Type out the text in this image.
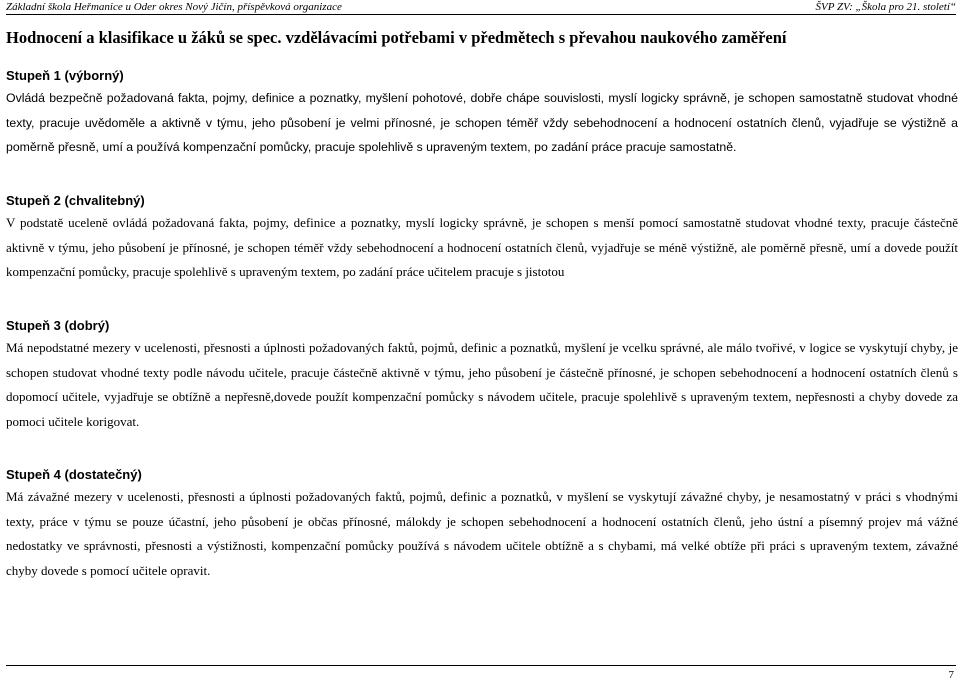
Základní škola Heřmanice u Oder okres Nový Jičín, příspěvková organizace	ŠVP ZV: „Škola pro 21. století“
Hodnocení a klasifikace u žáků se spec. vzdělávacími potřebami v předmětech s převahou naukového zaměření
Stupeň 1 (výborný)

Ovládá bezpečně požadovaná fakta, pojmy, definice a poznatky, myšlení pohotové, dobře chápe souvislosti, myslí logicky správně, je schopen samostatně studovat vhodné texty, pracuje uvědoměle a aktivně v týmu, jeho působení je velmi přínosné, je schopen téměř vždy sebehodnocení a hodnocení ostatních členů, vyjadřuje se výstižně a poměrně přesně, umí a používá kompenzační pomůcky, pracuje spolehlivě s upraveným textem, po zadání práce pracuje samostatně.

Stupeň 2 (chvalitebný)

V podstatě uceleně ovládá požadovaná fakta, pojmy, definice a poznatky, myslí logicky správně, je schopen s menší pomocí samostatně studovat vhodné texty, pracuje částečně aktivně v týmu, jeho působení je přínosné, je schopen téměř vždy sebehodnocení a hodnocení ostatních členů, vyjadřuje se méně výstižně, ale poměrně přesně, umí a dovede použít kompenzační pomůcky, pracuje spolehlivě s upraveným textem, po zadání práce učitelem pracuje s jistotou

Stupeň 3 (dobrý)

Má nepodstatné mezery v ucelenosti, přesnosti a úplnosti požadovaných faktů, pojmů, definic a poznatků, myšlení je vcelku správné, ale málo tvořivé, v logice se vyskytují chyby, je schopen studovat vhodné texty podle návodu učitele, pracuje částečně aktivně v týmu, jeho působení je částečně přínosné, je schopen sebehodnocení a hodnocení ostatních členů s dopomocí učitele, vyjadřuje se obtížně a nepřesně,dovede použít kompenzační pomůcky s návodem učitele, pracuje spolehlivě s upraveným textem, nepřesnosti a chyby dovede za pomoci učitele korigovat.

Stupeň 4 (dostatečný)

Má závažné mezery v ucelenosti, přesnosti a úplnosti požadovaných faktů, pojmů, definic a poznatků, v myšlení se vyskytují závažné chyby, je nesamostatný v práci s vhodnými texty, práce v týmu se pouze účastní, jeho působení je občas přínosné, málokdy je schopen sebehodnocení a hodnocení ostatních členů, jeho ústní a písemný projev má vážné nedostatky ve správnosti, přesnosti a výstižnosti, kompenzační pomůcky používá s návodem učitele obtížně a s chybami, má velké obtíže při práci s upraveným textem, závažné chyby dovede s pomocí učitele opravit.

7
